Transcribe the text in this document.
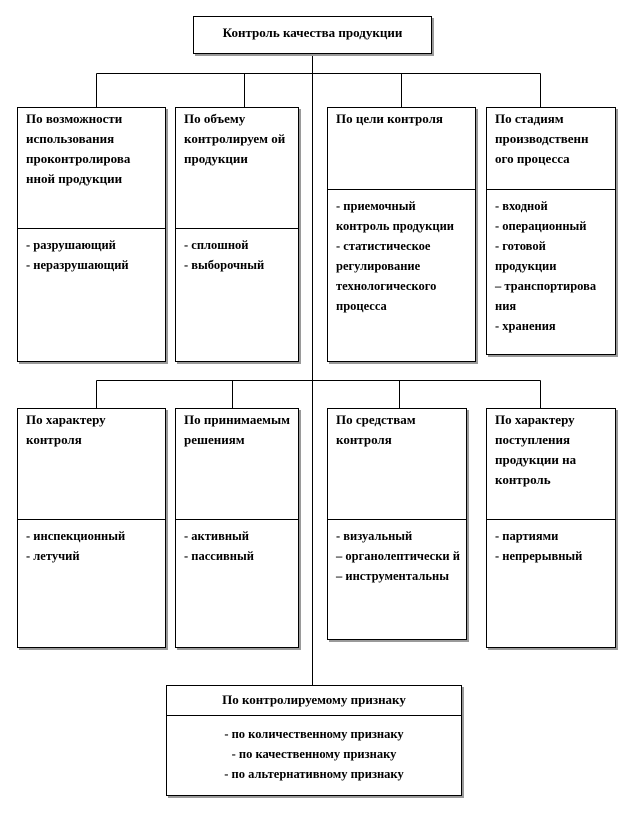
Контроль качества продукции
По возможности использования проконтролирова нной продукции
- разрушающий
- неразрушающий
По объему контролируем ой продукции
- сплошной
- выборочный
По цели контроля
- приемочный контроль продукции
- статистическое регулирование технологического процесса
По стадиям производственн ого процесса
- входной
- операционный
- готовой продукции
– транспортирова ния
- хранения
По характеру контроля
- инспекционный
- летучий
По принимаемым решениям
- активный
- пассивный
По средствам контроля
- визуальный
– органолептически й
– инструментальны
По характеру поступления продукции на контроль
- партиями
- непрерывный
По контролируемому признаку
- по количественному признаку
- по качественному признаку
- по альтернативному признаку
